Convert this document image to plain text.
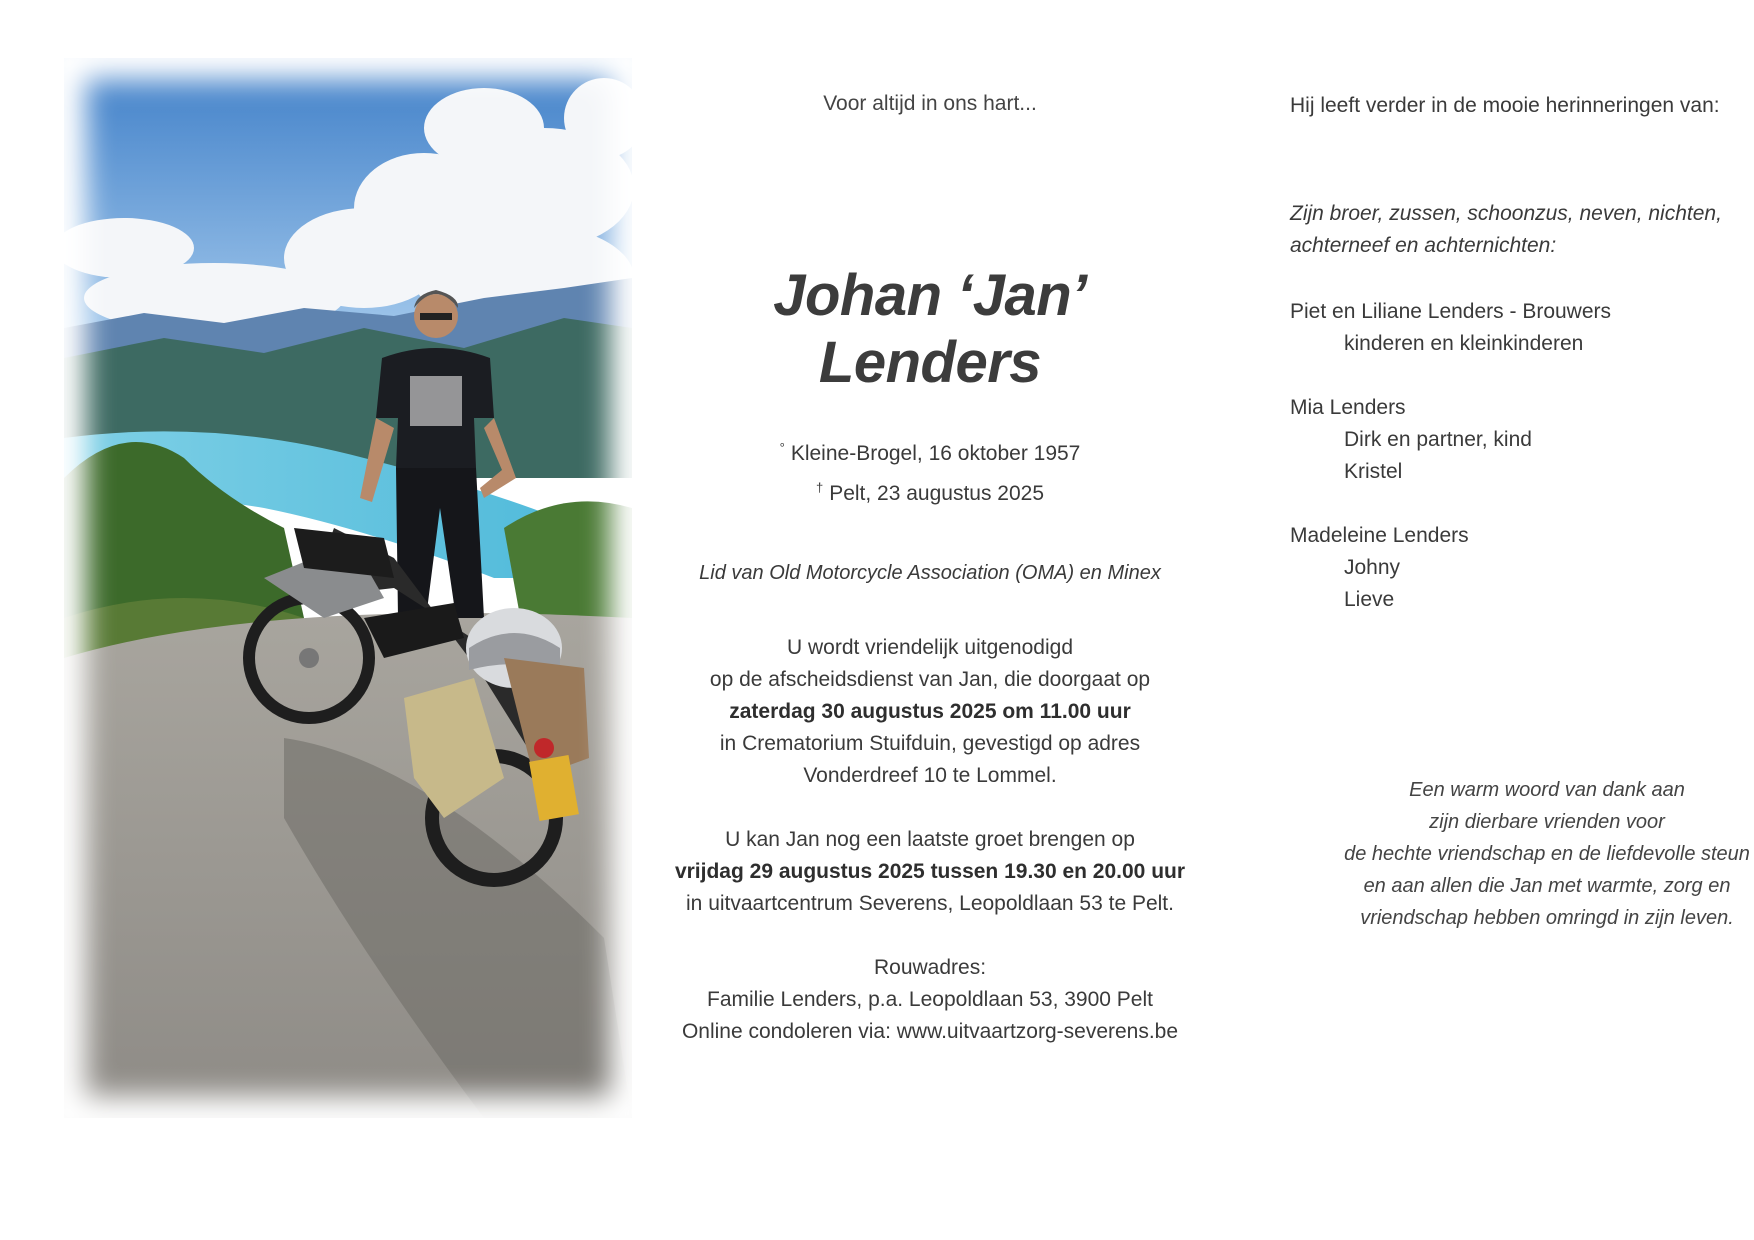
Voor altijd in ons hart...
Johan ‘Jan’ Lenders
° Kleine-Brogel, 16 oktober 1957
† Pelt, 23 augustus 2025
Lid van Old Motorcycle Association (OMA) en Minex
U wordt vriendelijk uitgenodigd
op de afscheidsdienst van Jan, die doorgaat op
zaterdag 30 augustus 2025 om 11.00 uur
in Crematorium Stuifduin, gevestigd op adres
Vonderdreef 10 te Lommel.
U kan Jan nog een laatste groet brengen op
vrijdag 29 augustus 2025 tussen 19.30 en 20.00 uur
in uitvaartcentrum Severens, Leopoldlaan 53 te Pelt.
Rouwadres:
Familie Lenders, p.a. Leopoldlaan 53, 3900 Pelt
Online condoleren via: www.uitvaartzorg-severens.be
Hij leeft verder in de mooie herinneringen van:
Zijn broer, zussen, schoonzus, neven, nichten,
achterneef en achternichten:
Piet en Liliane Lenders - Brouwers
kinderen en kleinkinderen
Mia Lenders
Dirk en partner, kind
Kristel
Madeleine Lenders
Johny
Lieve
Een warm woord van dank aan
zijn dierbare vrienden voor
de hechte vriendschap en de liefdevolle steun
en aan allen die Jan met warmte, zorg en
vriendschap hebben omringd in zijn leven.
